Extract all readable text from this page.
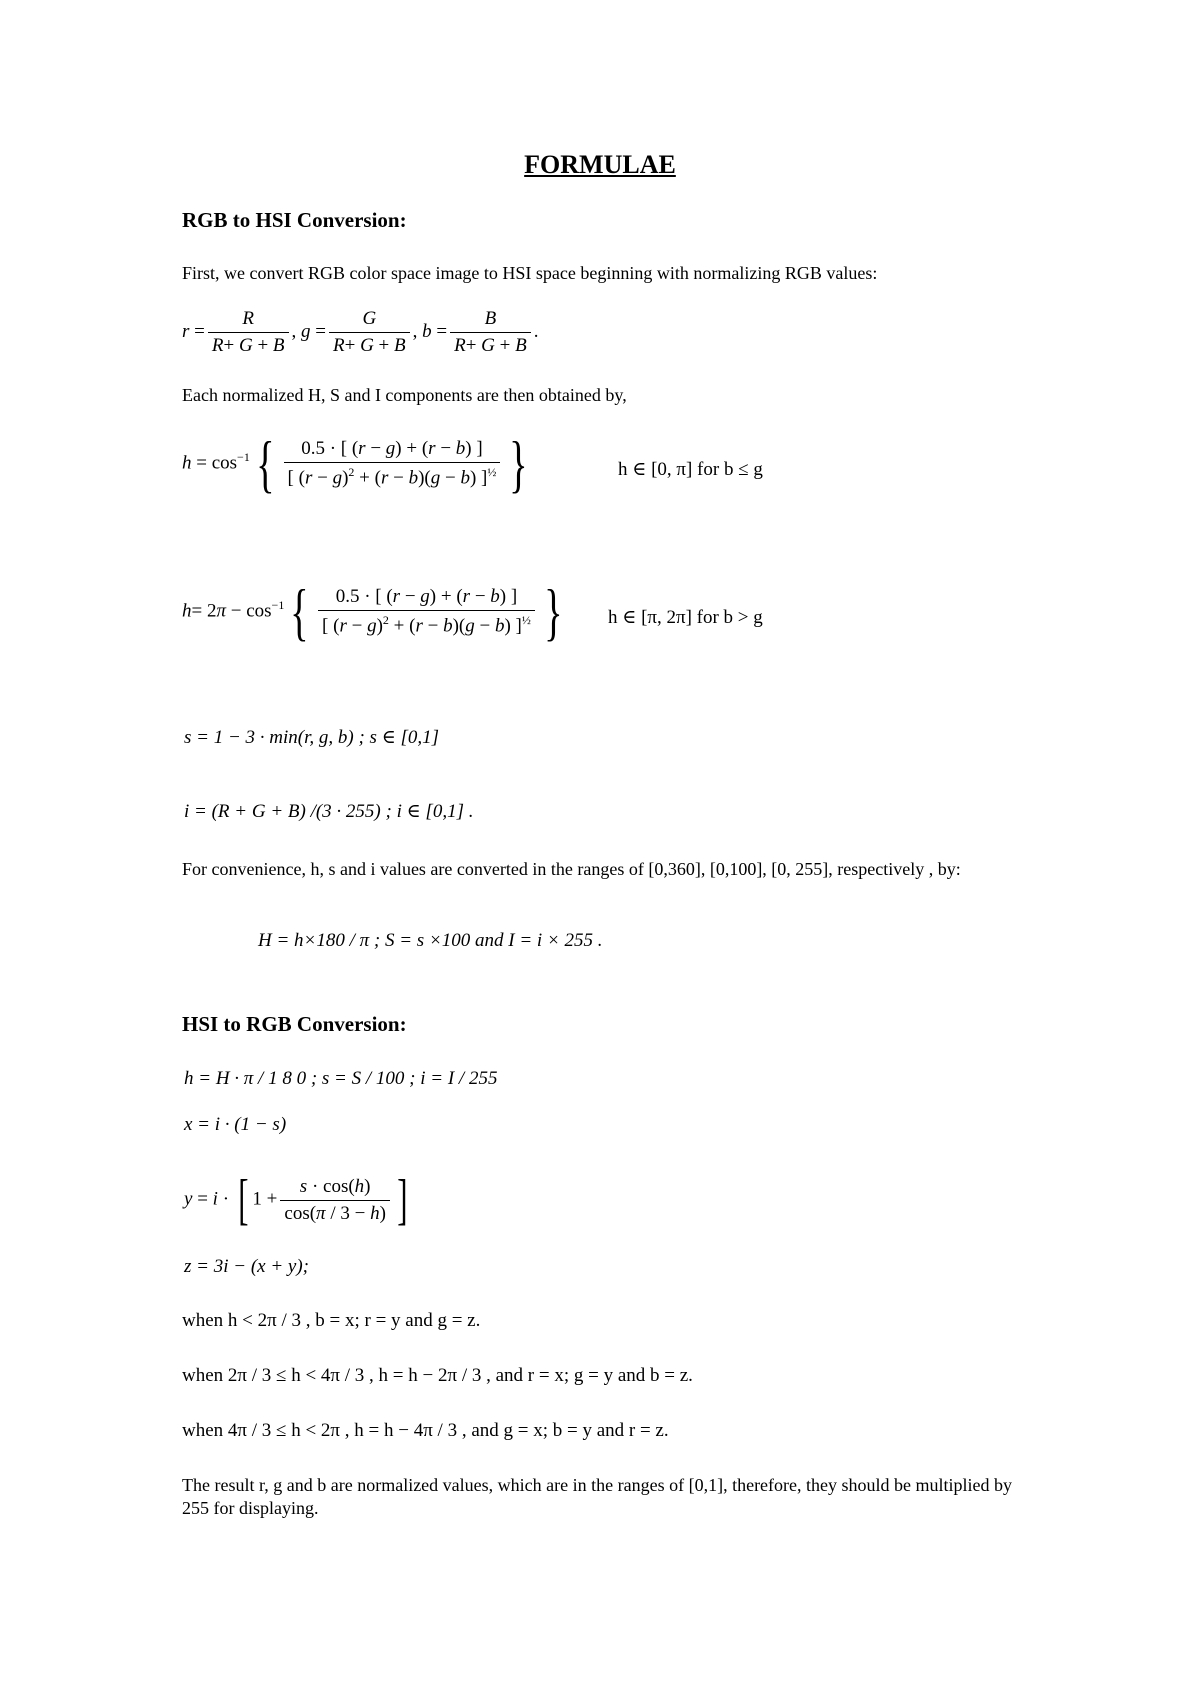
FORMULAE
RGB to HSI Conversion:
First, we convert RGB color space image to HSI space beginning with normalizing RGB values:
$r = \frac{R}{R+ G + B}$ , $g = \frac{G}{R+ G + B}$ , $b = \frac{B}{R+ G + B}$ .
Each normalized H, S and I components are then obtained by,
$h = \cos^{-1}\{ \frac{0.5 \cdot [ (r - g) + (r - b) ]}{[ (r - g)^2 + (r - b)(g - b) ]^{\frac{1}{2}}}$ }	h ∈ [0, π] for b ≤ g
$h= 2\pi - \cos^{-1}\{ \frac{0.5 \cdot [ (r - g) + (r - b) ]}{[ (r - g)^2 + (r - b)(g - b) ]^{\frac{1}{2}}}$ }	h ∈ [π, 2π] for b > g
s = 1 − 3 · min(r, g, b) ; s ∈ [0,1]
i = (R + G + B) /(3 · 255) ; i ∈ [0,1] .
For convenience, h, s and i values are converted in the ranges of [0,360], [0,100], [0, 255], respectively , by:
H = h×180 / π ; S = s ×100 and I = i × 255 .
HSI to RGB Conversion:
h = H · π / 1 8 0 ; s = S / 100 ; i = I / 255
x = i · (1 − s)
y = i · [ $1 + \frac{s \cdot \cos(h)}{\cos(\pi / 3 - h)}$ ]
z = 3i − (x + y);
when h < 2π / 3 , b = x; r = y and g = z.
when 2π / 3 ≤ h < 4π / 3 , h = h − 2π / 3 , and r = x; g = y and b = z.
when 4π / 3 ≤ h < 2π , h = h − 4π / 3 , and g = x; b = y and r = z.
The result r, g and b are normalized values, which are in the ranges of [0,1], therefore, they should be multiplied by 255 for displaying.
